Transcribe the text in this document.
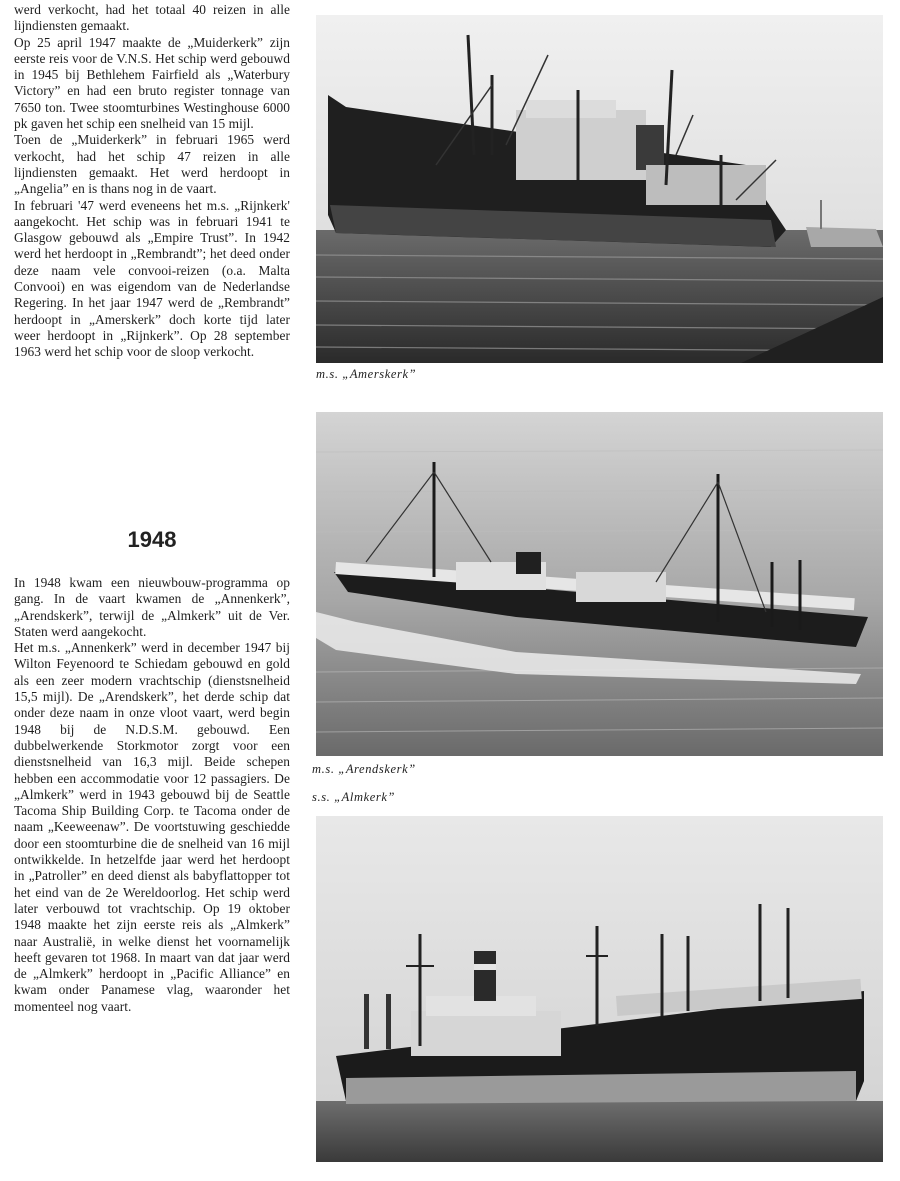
werd verkocht, had het totaal 40 reizen in alle lijndiensten gemaakt.

Op 25 april 1947 maakte de „Muiderkerk” zijn eerste reis voor de V.N.S. Het schip werd gebouwd in 1945 bij Bethlehem Fairfield als „Waterbury Victory” en had een bruto register tonnage van 7650 ton. Twee stoomturbines Westinghouse 6000 pk gaven het schip een snelheid van 15 mijl.

Toen de „Muiderkerk” in februari 1965 werd verkocht, had het schip 47 reizen in alle lijndiensten gemaakt. Het werd herdoopt in „Angelia” en is thans nog in de vaart.

In februari '47 werd eveneens het m.s. „Rijnkerk' aangekocht. Het schip was in februari 1941 te Glasgow gebouwd als „Empire Trust”. In 1942 werd het herdoopt in „Rembrandt”; het deed onder deze naam vele convooi-reizen (o.a. Malta Convooi) en was eigendom van de Nederlandse Regering. In het jaar 1947 werd de „Rembrandt” herdoopt in „Amerskerk” doch korte tijd later weer herdoopt in „Rijnkerk”. Op 28 september 1963 werd het schip voor de sloop verkocht.

1948

In 1948 kwam een nieuwbouw-programma op gang. In de vaart kwamen de „Annenkerk”, „Arendskerk”, terwijl de „Almkerk” uit de Ver. Staten werd aangekocht.

Het m.s. „Annenkerk” werd in december 1947 bij Wilton Feyenoord te Schiedam gebouwd en gold als een zeer modern vrachtschip (dienstsnelheid 15,5 mijl). De „Arendskerk”, het derde schip dat onder deze naam in onze vloot vaart, werd begin 1948 bij de N.D.S.M. gebouwd. Een dubbelwerkende Storkmotor zorgt voor een dienstsnelheid van 16,3 mijl. Beide schepen hebben een accommodatie voor 12 passagiers. De „Almkerk” werd in 1943 gebouwd bij de Seattle Tacoma Ship Building Corp. te Tacoma onder de naam „Keeweenaw”. De voortstuwing geschiedde door een stoomturbine die de snelheid van 16 mijl ontwikkelde. In hetzelfde jaar werd het herdoopt in „Patroller” en deed dienst als babyflattopper tot het eind van de 2e Wereldoorlog. Het schip werd later verbouwd tot vrachtschip. Op 19 oktober 1948 maakte het zijn eerste reis als „Almkerk” naar Australië, in welke dienst het voornamelijk heeft gevaren tot 1968. In maart van dat jaar werd de „Almkerk” herdoopt in „Pacific Alliance” en kwam onder Panamese vlag, waaronder het momenteel nog vaart.

m.s. „Amerskerk”
m.s. „Arendskerk”
s.s. „Almkerk”
